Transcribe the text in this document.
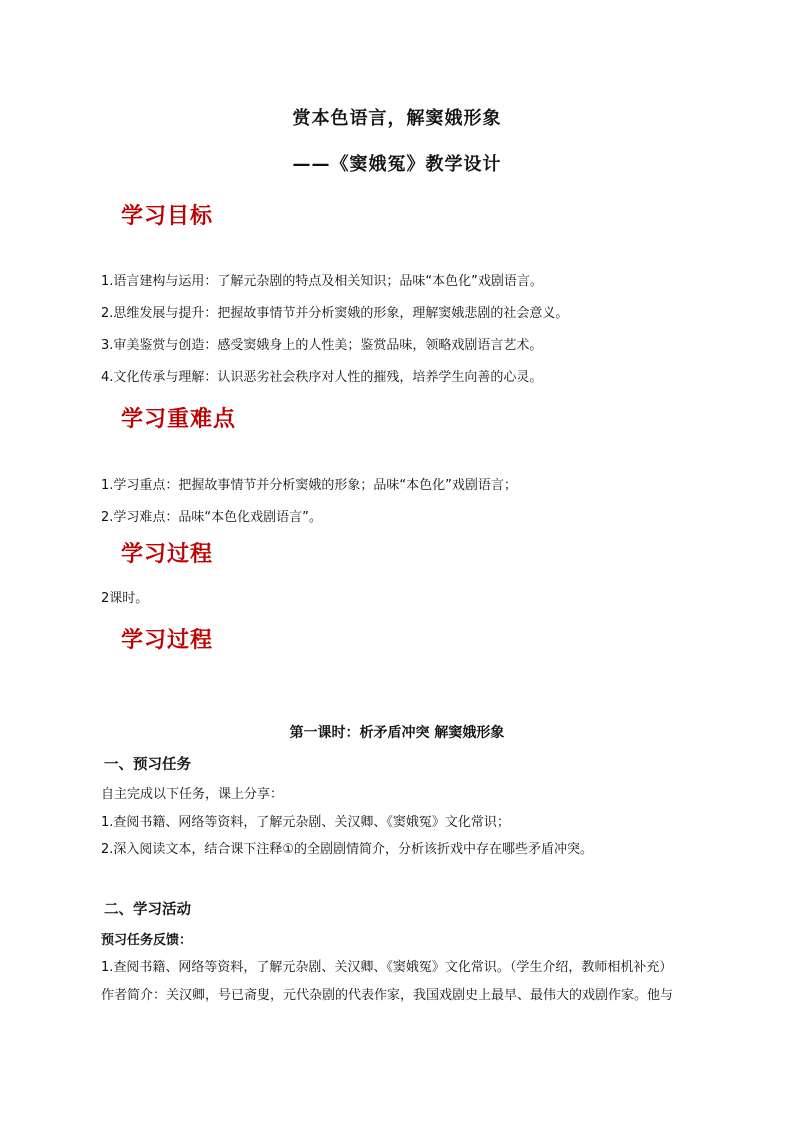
赏本色语言，解窦娥形象
——《窦娥冤》教学设计
学习目标
1.语言建构与运用：了解元杂剧的特点及相关知识；品味“本色化”戏剧语言。
2.思维发展与提升：把握故事情节并分析窦娥的形象，理解窦娥悲剧的社会意义。
3.审美鉴赏与创造：感受窦娥身上的人性美；鉴赏品味，领略戏剧语言艺术。
4.文化传承与理解：认识恶劣社会秩序对人性的摧残，培养学生向善的心灵。
学习重难点
1.学习重点：把握故事情节并分析窦娥的形象；品味“本色化”戏剧语言；
2.学习难点：品味“本色化戏剧语言”。
学习过程
2课时。
学习过程
第一课时：析矛盾冲突 解窦娥形象
一、预习任务
自主完成以下任务，课上分享：
1.查阅书籍、网络等资料，了解元杂剧、关汉卿、《窦娥冤》文化常识；
2.深入阅读文本，结合课下注释①的全剧剧情简介，分析该折戏中存在哪些矛盾冲突。
二、学习活动
预习任务反馈：
1.查阅书籍、网络等资料，了解元杂剧、关汉卿、《窦娥冤》文化常识。（学生介绍，教师相机补充）
作者简介：关汉卿，号已斋叟，元代杂剧的代表作家，我国戏剧史上最早、最伟大的戏剧作家。他与
